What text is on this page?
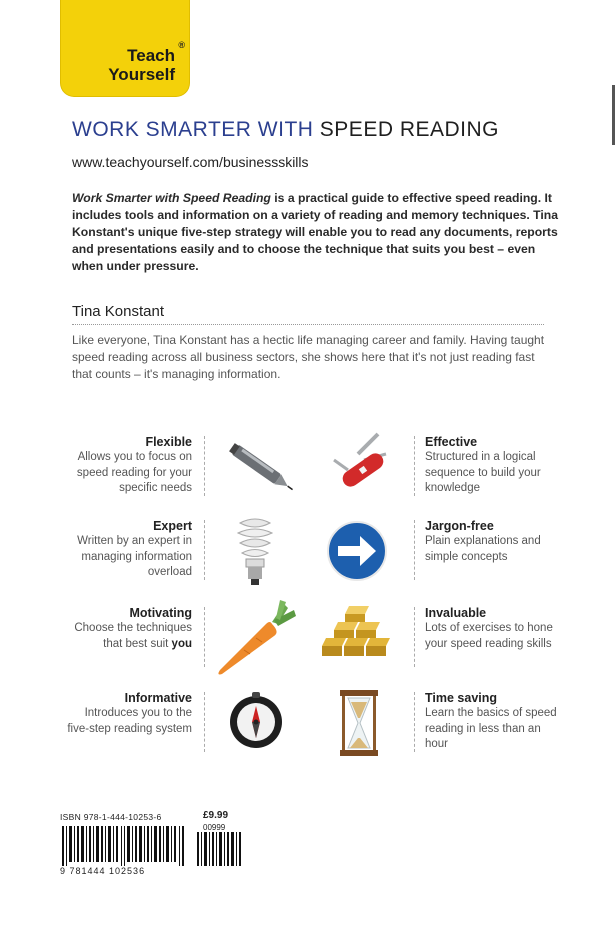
®
Teach
Yourself
WORK SMARTER WITH SPEED READING
www.teachyourself.com/businessskills
Work Smarter with Speed Reading is a practical guide to effective speed reading. It includes tools and information on a variety of reading and memory techniques. Tina Konstant's unique five-step strategy will enable you to read any documents, reports and presentations easily and to choose the technique that suits you best – even when under pressure.
Tina Konstant
Like everyone, Tina Konstant has a hectic life managing career and family. Having taught speed reading across all business sectors, she shows here that it's not just reading fast that counts – it's managing information.
Flexible
Allows you to focus on speed reading for your specific needs
Expert
Written by an expert in managing information overload
Motivating
Choose the techniques that best suit you
Informative
Introduces you to the five-step reading system
Effective
Structured in a logical sequence to build your knowledge
Jargon-free
Plain explanations and simple concepts
Invaluable
Lots of exercises to hone your speed reading skills
Time saving
Learn the basics of speed reading in less than an hour
ISBN 978-1-444-10253-6	£9.99
00999
9 781444 102536
